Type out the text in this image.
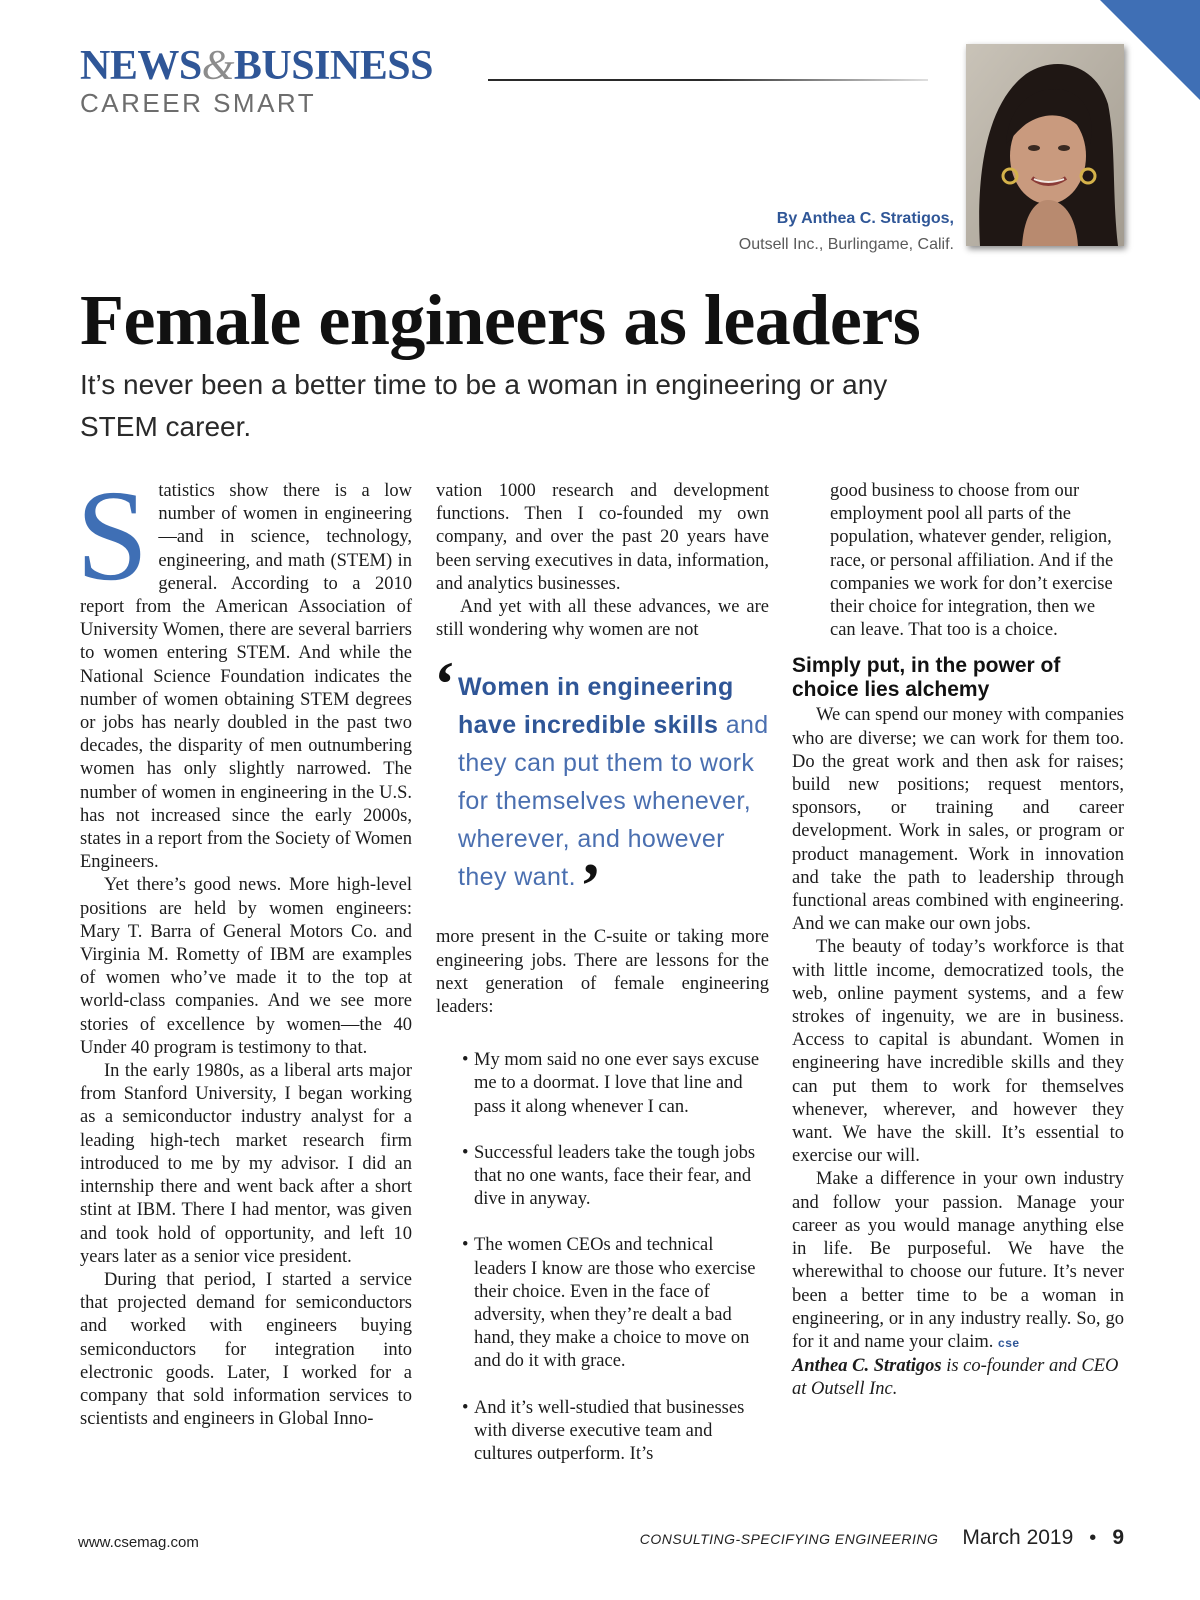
NEWS&BUSINESS
CAREER SMART
By Anthea C. Stratigos,
Outsell Inc., Burlingame, Calif.
Female engineers as leaders
It’s never been a better time to be a woman in engineering or any STEM career.

Statistics show there is a low number of women in engineering—and in science, technology, engineering, and math (STEM) in general. According to a 2010 report from the American Association of University Women, there are several barriers to women entering STEM. And while the National Science Foundation indicates the number of women obtaining STEM degrees or jobs has nearly doubled in the past two decades, the disparity of men outnumbering women has only slightly narrowed. The number of women in engineering in the U.S. has not increased since the early 2000s, states in a report from the Society of Women Engineers.

Yet there’s good news. More high-level positions are held by women engineers: Mary T. Barra of General Motors Co. and Virginia M. Rometty of IBM are examples of women who’ve made it to the top at world-class companies. And we see more stories of excellence by women—the 40 Under 40 program is testimony to that.

In the early 1980s, as a liberal arts major from Stanford University, I began working as a semiconductor industry analyst for a leading high-tech market research firm introduced to me by my advisor. I did an internship there and went back after a short stint at IBM. There I had mentor, was given and took hold of opportunity, and left 10 years later as a senior vice president.

During that period, I started a service that projected demand for semiconductors and worked with engineers buying semiconductors for integration into electronic goods. Later, I worked for a company that sold information services to scientists and engineers in Global Inno-

vation 1000 research and development functions. Then I co-founded my own company, and over the past 20 years have been serving executives in data, information, and analytics businesses.

And yet with all these advances, we are still wondering why women are not

‘ Women in engineering have incredible skills and they can put them to work for themselves whenever, wherever, and however they want.’

more present in the C-suite or taking more engineering jobs. There are lessons for the next generation of female engineering leaders:

• My mom said no one ever says excuse me to a doormat. I love that line and pass it along whenever I can.
• Successful leaders take the tough jobs that no one wants, face their fear, and dive in anyway.
• The women CEOs and technical leaders I know are those who exercise their choice. Even in the face of adversity, when they’re dealt a bad hand, they make a choice to move on and do it with grace.
• And it’s well-studied that businesses with diverse executive team and cultures outperform. It’s

good business to choose from our employment pool all parts of the population, whatever gender, religion, race, or personal affiliation. And if the companies we work for don’t exercise their choice for integration, then we can leave. That too is a choice.

Simply put, in the power of choice lies alchemy

We can spend our money with companies who are diverse; we can work for them too. Do the great work and then ask for raises; build new positions; request mentors, sponsors, or training and career development. Work in sales, or program or product management. Work in innovation and take the path to leadership through functional areas combined with engineering. And we can make our own jobs.

The beauty of today’s workforce is that with little income, democratized tools, the web, online payment systems, and a few strokes of ingenuity, we are in business. Access to capital is abundant. Women in engineering have incredible skills and they can put them to work for themselves whenever, wherever, and however they want. We have the skill. It’s essential to exercise our will.

Make a difference in your own industry and follow your passion. Manage your career as you would manage anything else in life. Be purposeful. We have the wherewithal to choose our future. It’s never been a better time to be a woman in engineering, or in any industry really. So, go for it and name your claim. cse

Anthea C. Stratigos is co-founder and CEO at Outsell Inc.

www.csemag.com	CONSULTING-SPECIFYING ENGINEERING March 2019 • 9
